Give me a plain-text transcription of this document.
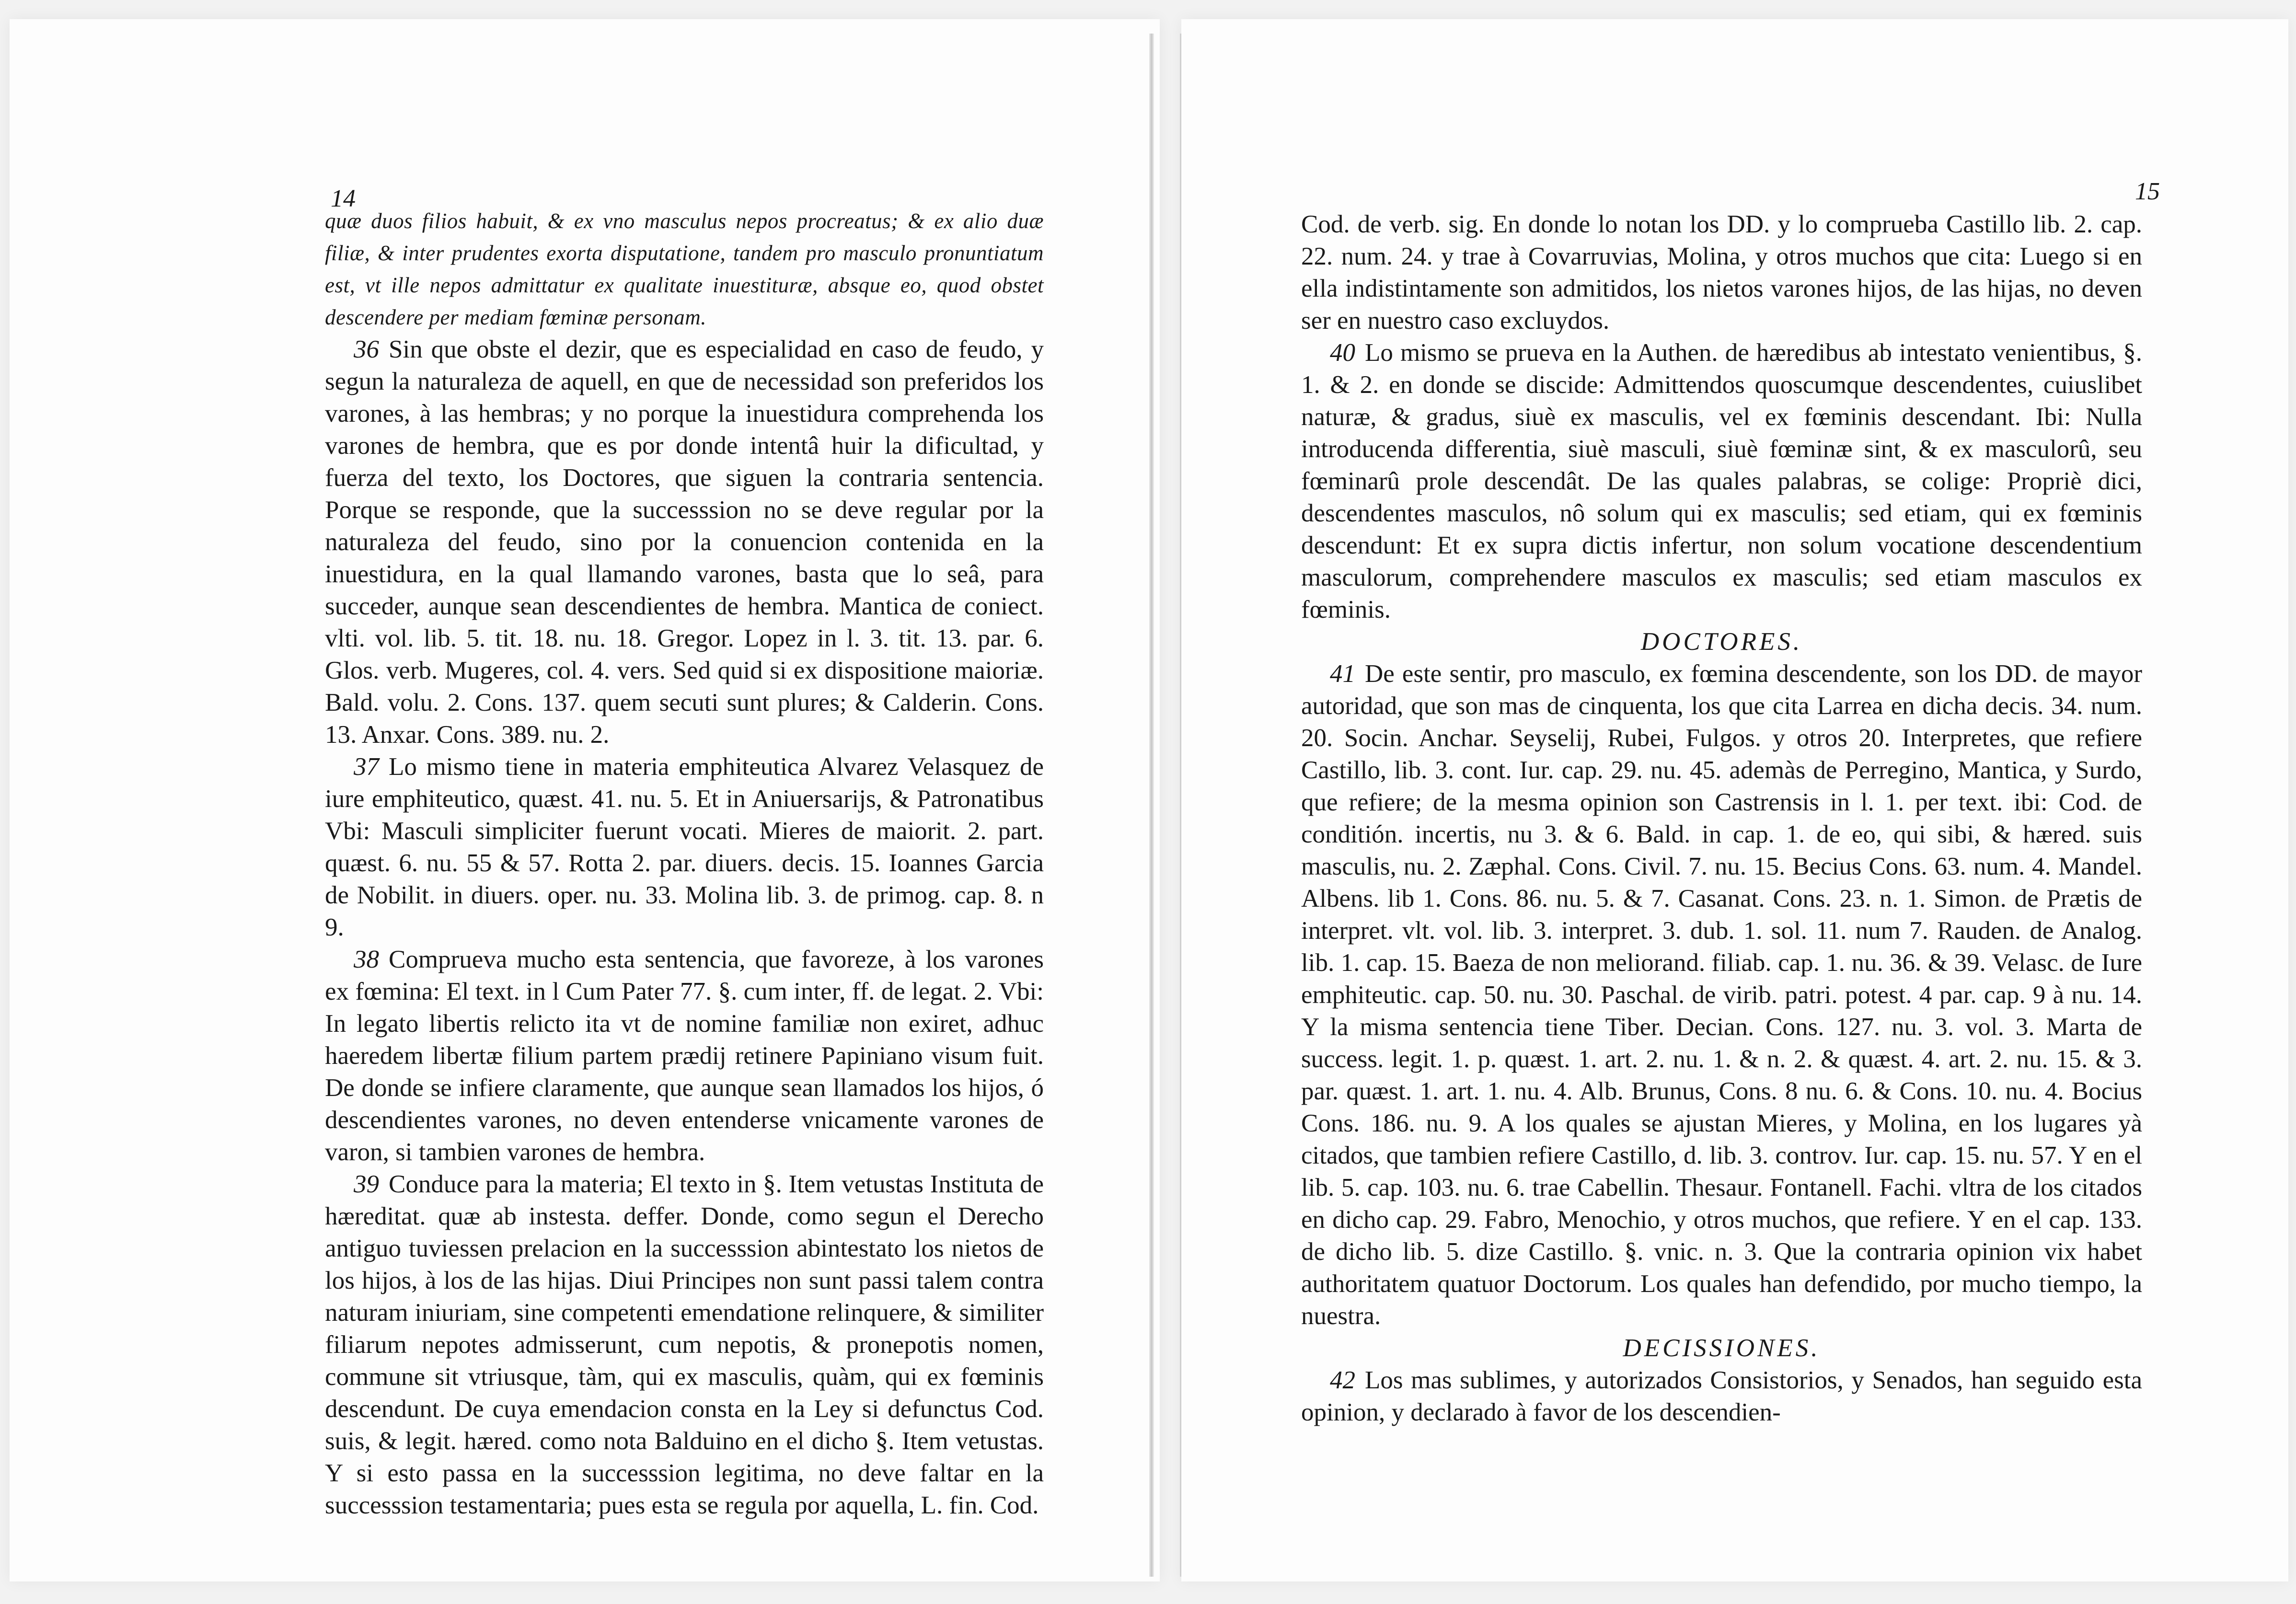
14

quæ duos filios habuit, & ex vno masculus nepos procreatus; & ex alio duæ filiæ, & inter prudentes exorta disputatione, tandem pro masculo pronuntiatum est, vt ille nepos admittatur ex qualitate inuestituræ, absque eo, quod obstet descendere per mediam fœminæ personam.

36 Sin que obste el dezir, que es especialidad en caso de feudo, y segun la naturaleza de aquell, en que de necessidad son preferidos los varones, à las hembras; y no porque la inuestidura comprehenda los varones de hembra, que es por donde intentâ huir la dificultad, y fuerza del texto, los Doctores, que siguen la contraria sentencia. Porque se responde, que la successsion no se deve regular por la naturaleza del feudo, sino por la conuencion contenida en la inuestidura, en la qual llamando varones, basta que lo seâ, para succeder, aunque sean descendientes de hembra. Mantica de coniect. vlti. vol. lib. 5. tit. 18. nu. 18. Gregor. Lopez in l. 3. tit. 13. par. 6. Glos. verb. Mugeres, col. 4. vers. Sed quid si ex dispositione maioriæ. Bald. volu. 2. Cons. 137. quem secuti sunt plures; & Calderin. Cons. 13. Anxar. Cons. 389. nu. 2.

37 Lo mismo tiene in materia emphiteutica Alvarez Velasquez de iure emphiteutico, quæst. 41. nu. 5. Et in Aniuersarijs, & Patronatibus Vbi: Masculi simpliciter fuerunt vocati. Mieres de maiorit. 2. part. quæst. 6. nu. 55 & 57. Rotta 2. par. diuers. decis. 15. Ioannes Garcia de Nobilit. in diuers. oper. nu. 33. Molina lib. 3. de primog. cap. 8. n 9.

38 Comprueva mucho esta sentencia, que favoreze, à los varones ex fœmina: El text. in l Cum Pater 77. §. cum inter, ff. de legat. 2. Vbi: In legato libertis relicto ita vt de nomine familiæ non exiret, adhuc haeredem libertæ filium partem prædij retinere Papiniano visum fuit. De donde se infiere claramente, que aunque sean llamados los hijos, ó descendientes varones, no deven entenderse vnicamente varones de varon, si tambien varones de hembra.

39 Conduce para la materia; El texto in §. Item vetustas Instituta de hæreditat. quæ ab instesta. deffer. Donde, como segun el Derecho antiguo tuviessen prelacion en la successsion abintestato los nietos de los hijos, à los de las hijas. Diui Principes non sunt passi talem contra naturam iniuriam, sine competenti emendatione relinquere, & similiter filiarum nepotes admisserunt, cum nepotis, & pronepotis nomen, commune sit vtriusque, tàm, qui ex masculis, quàm, qui ex fœminis descendunt. De cuya emendacion consta en la Ley si defunctus Cod. suis, & legit. hæred. como nota Balduino en el dicho §. Item vetustas. Y si esto passa en la successsion legitima, no deve faltar en la successsion testamentaria; pues esta se regula por aquella, L. fin. Cod.

15

Cod. de verb. sig. En donde lo notan los DD. y lo comprueba Castillo lib. 2. cap. 22. num. 24. y trae à Covarruvias, Molina, y otros muchos que cita: Luego si en ella indistintamente son admitidos, los nietos varones hijos, de las hijas, no deven ser en nuestro caso excluydos.

40 Lo mismo se prueva en la Authen. de hæredibus ab intestato venientibus, §. 1. & 2. en donde se discide: Admittendos quoscumque descendentes, cuiuslibet naturæ, & gradus, siuè ex masculis, vel ex fœminis descendant. Ibi: Nulla introducenda differentia, siuè masculi, siuè fœminæ sint, & ex masculorû, seu fœminarû prole descendât. De las quales palabras, se colige: Propriè dici, descendentes masculos, nô solum qui ex masculis; sed etiam, qui ex fœminis descendunt: Et ex supra dictis infertur, non solum vocatione descendentium masculorum, comprehendere masculos ex masculis; sed etiam masculos ex fœminis.

DOCTORES.

41 De este sentir, pro masculo, ex fœmina descendente, son los DD. de mayor autoridad, que son mas de cinquenta, los que cita Larrea en dicha decis. 34. num. 20. Socin. Anchar. Seyselij, Rubei, Fulgos. y otros 20. Interpretes, que refiere Castillo, lib. 3. cont. Iur. cap. 29. nu. 45. ademàs de Perregino, Mantica, y Surdo, que refiere; de la mesma opinion son Castrensis in l. 1. per text. ibi: Cod. de conditión. incertis, nu 3. & 6. Bald. in cap. 1. de eo, qui sibi, & hæred. suis masculis, nu. 2. Zæphal. Cons. Civil. 7. nu. 15. Becius Cons. 63. num. 4. Mandel. Albens. lib 1. Cons. 86. nu. 5. & 7. Casanat. Cons. 23. n. 1. Simon. de Prætis de interpret. vlt. vol. lib. 3. interpret. 3. dub. 1. sol. 11. num 7. Rauden. de Analog. lib. 1. cap. 15. Baeza de non meliorand. filiab. cap. 1. nu. 36. & 39. Velasc. de Iure emphiteutic. cap. 50. nu. 30. Paschal. de virib. patri. potest. 4 par. cap. 9 à nu. 14. Y la misma sentencia tiene Tiber. Decian. Cons. 127. nu. 3. vol. 3. Marta de success. legit. 1. p. quæst. 1. art. 2. nu. 1. & n. 2. & quæst. 4. art. 2. nu. 15. & 3. par. quæst. 1. art. 1. nu. 4. Alb. Brunus, Cons. 8 nu. 6. & Cons. 10. nu. 4. Bocius Cons. 186. nu. 9. A los quales se ajustan Mieres, y Molina, en los lugares yà citados, que tambien refiere Castillo, d. lib. 3. controv. Iur. cap. 15. nu. 57. Y en el lib. 5. cap. 103. nu. 6. trae Cabellin. Thesaur. Fontanell. Fachi. vltra de los citados en dicho cap. 29. Fabro, Menochio, y otros muchos, que refiere. Y en el cap. 133. de dicho lib. 5. dize Castillo. §. vnic. n. 3. Que la contraria opinion vix habet authoritatem quatuor Doctorum. Los quales han defendido, por mucho tiempo, la nuestra.

DECISSIONES.

42 Los mas sublimes, y autorizados Consistorios, y Senados, han seguido esta opinion, y declarado à favor de los descendien-
